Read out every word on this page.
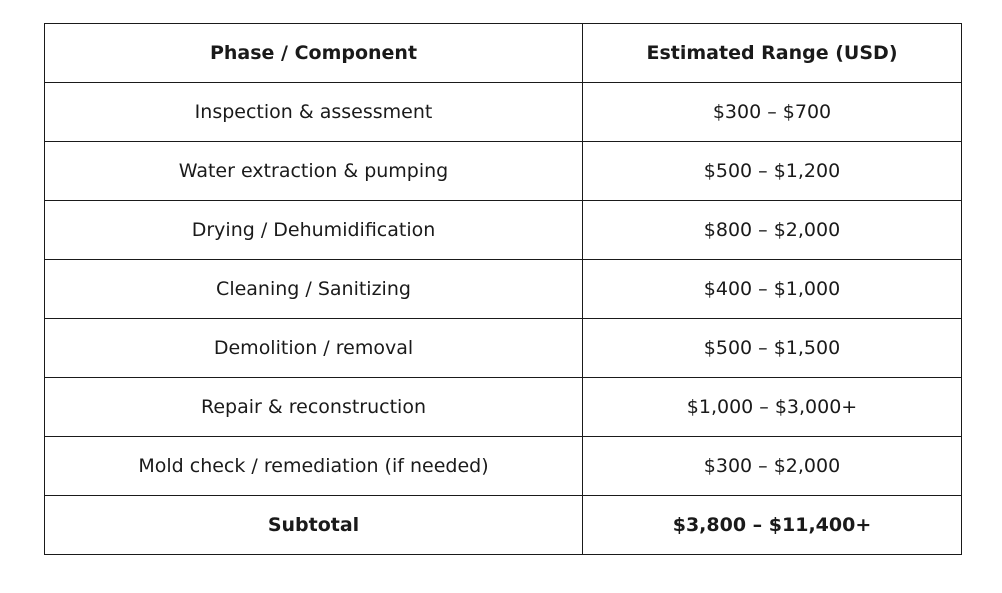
Phase / Component	Estimated Range (USD)
Inspection & assessment	$300 – $700
Water extraction & pumping	$500 – $1,200
Drying / Dehumidification	$800 – $2,000
Cleaning / Sanitizing	$400 – $1,000
Demolition / removal	$500 – $1,500
Repair & reconstruction	$1,000 – $3,000+
Mold check / remediation (if needed)	$300 – $2,000
Subtotal	$3,800 – $11,400+
